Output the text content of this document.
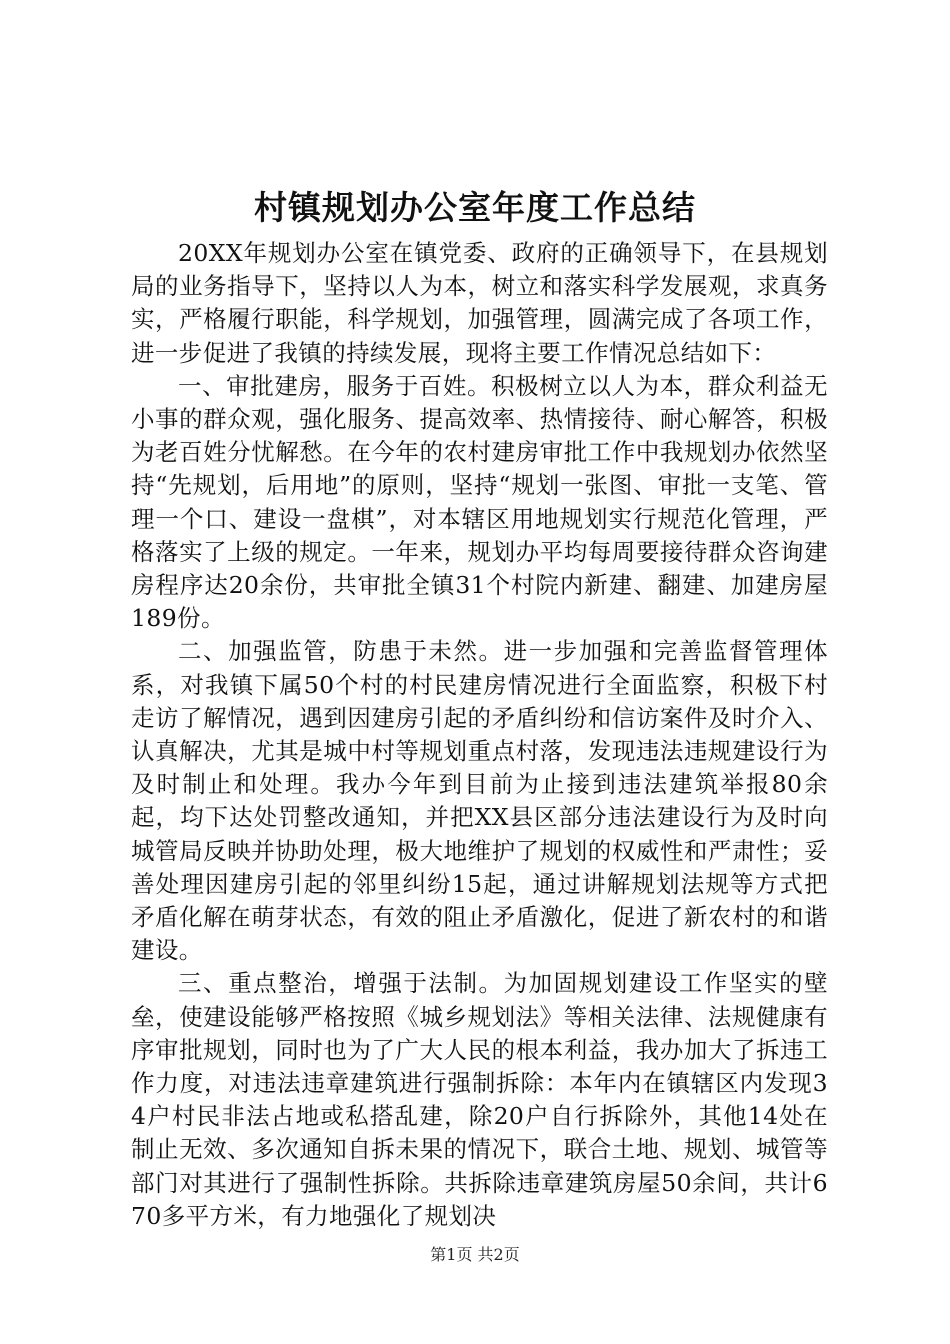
村镇规划办公室年度工作总结

20XX年规划办公室在镇党委、政府的正确领导下，在县规划局的业务指导下，坚持以人为本，树立和落实科学发展观，求真务实，严格履行职能，科学规划，加强管理，圆满完成了各项工作，进一步促进了我镇的持续发展，现将主要工作情况总结如下：

一、审批建房，服务于百姓。积极树立以人为本，群众利益无小事的群众观，强化服务、提高效率、热情接待、耐心解答，积极为老百姓分忧解愁。在今年的农村建房审批工作中我规划办依然坚持“先规划，后用地”的原则，坚持“规划一张图、审批一支笔、管理一个口、建设一盘棋”，对本辖区用地规划实行规范化管理，严格落实了上级的规定。一年来，规划办平均每周要接待群众咨询建房程序达20余份，共审批全镇31个村院内新建、翻建、加建房屋189份。

二、加强监管，防患于未然。进一步加强和完善监督管理体系，对我镇下属50个村的村民建房情况进行全面监察，积极下村走访了解情况，遇到因建房引起的矛盾纠纷和信访案件及时介入、认真解决，尤其是城中村等规划重点村落，发现违法违规建设行为及时制止和处理。我办今年到目前为止接到违法建筑举报80余起，均下达处罚整改通知，并把XX县区部分违法建设行为及时向城管局反映并协助处理，极大地维护了规划的权威性和严肃性；妥善处理因建房引起的邻里纠纷15起，通过讲解规划法规等方式把矛盾化解在萌芽状态，有效的阻止矛盾激化，促进了新农村的和谐建设。

三、重点整治，增强于法制。为加固规划建设工作坚实的壁垒，使建设能够严格按照《城乡规划法》等相关法律、法规健康有序审批规划，同时也为了广大人民的根本利益，我办加大了拆违工作力度，对违法违章建筑进行强制拆除：本年内在镇辖区内发现34户村民非法占地或私搭乱建，除20户自行拆除外，其他14处在制止无效、多次通知自拆未果的情况下，联合土地、规划、城管等部门对其进行了强制性拆除。共拆除违章建筑房屋50余间，共计670多平方米，有力地强化了规划决

第1页 共2页
